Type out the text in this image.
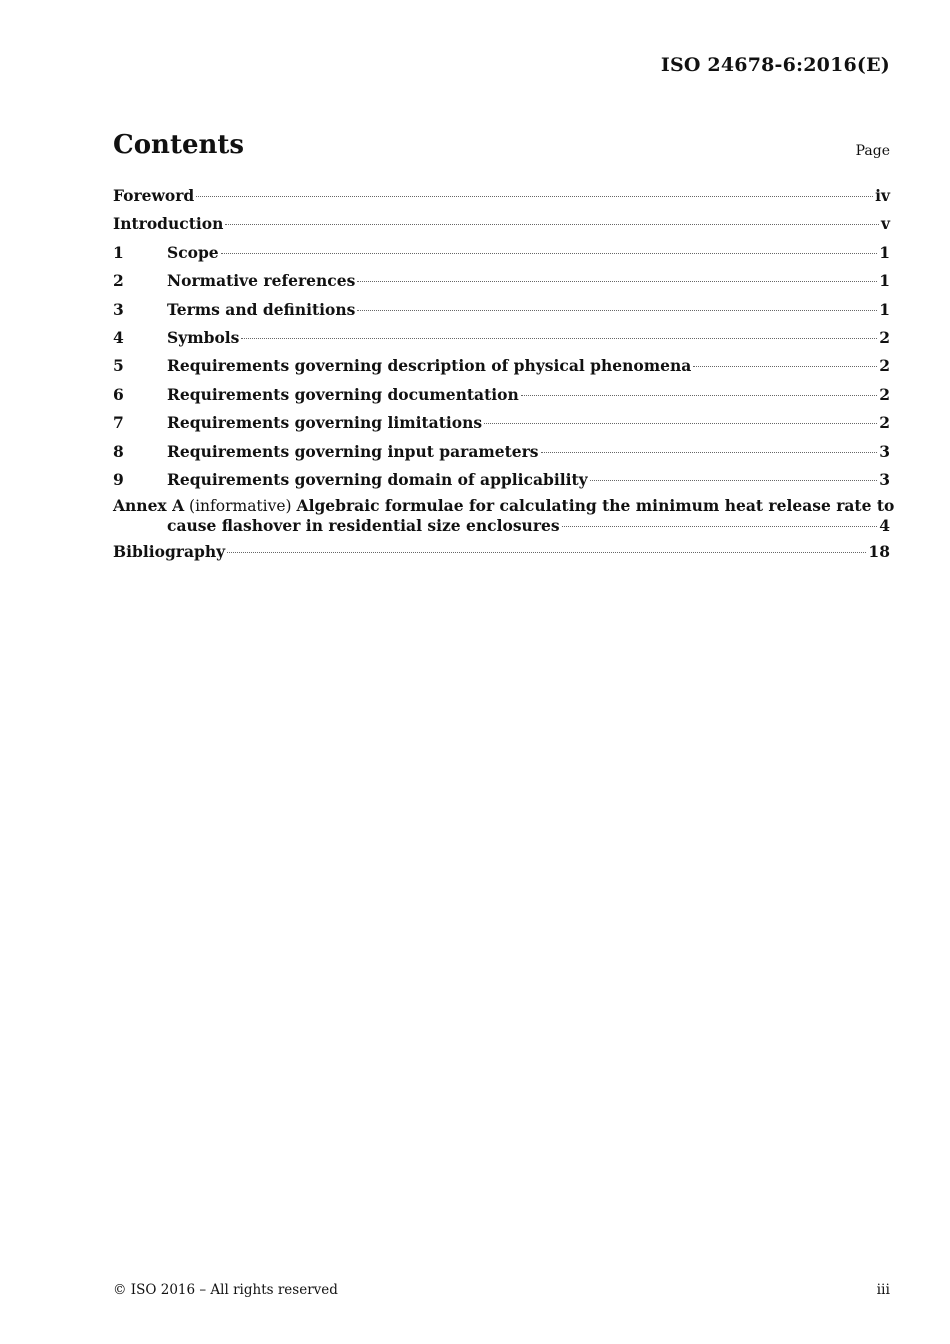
ISO 24678-6:2016(E)
Contents	Page
Foreword	iv
Introduction	v
1	Scope	1
2	Normative references	1
3	Terms and definitions	1
4	Symbols	2
5	Requirements governing description of physical phenomena	2
6	Requirements governing documentation	2
7	Requirements governing limitations	2
8	Requirements governing input parameters	3
9	Requirements governing domain of applicability	3
Annex A (informative) Algebraic formulae for calculating the minimum heat release rate to
cause flashover in residential size enclosures	4
Bibliography	18
© ISO 2016 – All rights reserved	iii
